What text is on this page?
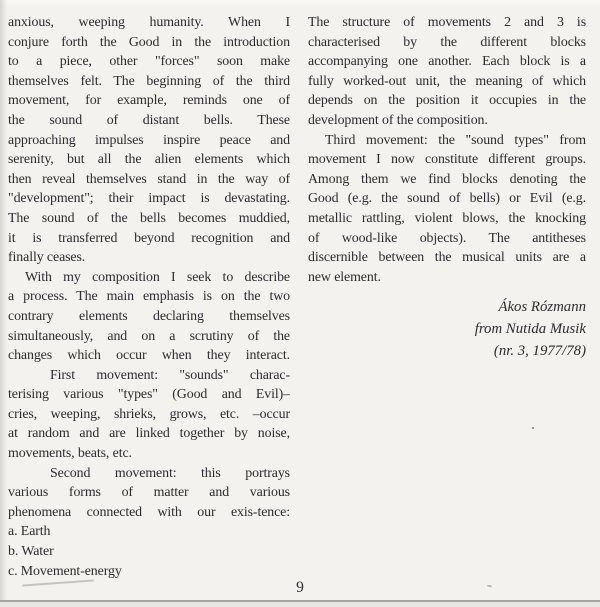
anxious, weeping humanity. When I
conjure forth the Good in the introduction
to a piece, other "forces" soon make
themselves felt. The beginning of the third
movement, for example, reminds one of
the sound of distant bells. These
approaching impulses inspire peace and
serenity, but all the alien elements which
then reveal themselves stand in the way of
"development"; their impact is devastating.
The sound of the bells becomes muddied,
it is transferred beyond recognition and
finally ceases.
With my composition I seek to describe
a process. The main emphasis is on the two
contrary elements declaring themselves
simultaneously, and on a scrutiny of the
changes which occur when they interact.
First movement: "sounds" charac-
terising various "types" (Good and Evil)–
cries, weeping, shrieks, grows, etc. –occur
at random and are linked together by noise,
movements, beats, etc.
Second movement: this portrays
various forms of matter and various
phenomena connected with our exis-tence:
a. Earth
b. Water
c. Movement-energy
The structure of movements 2 and 3 is
characterised by the different blocks
accompanying one another. Each block is a
fully worked-out unit, the meaning of which
depends on the position it occupies in the
development of the composition.
Third movement: the "sound types" from
movement I now constitute different groups.
Among them we find blocks denoting the
Good (e.g. the sound of bells) or Evil (e.g.
metallic rattling, violent blows, the knocking
of wood-like objects). The antitheses
discernible between the musical units are a
new element.
Ákos Rózmann
from Nutida Musik
(nr. 3, 1977/78)
9
